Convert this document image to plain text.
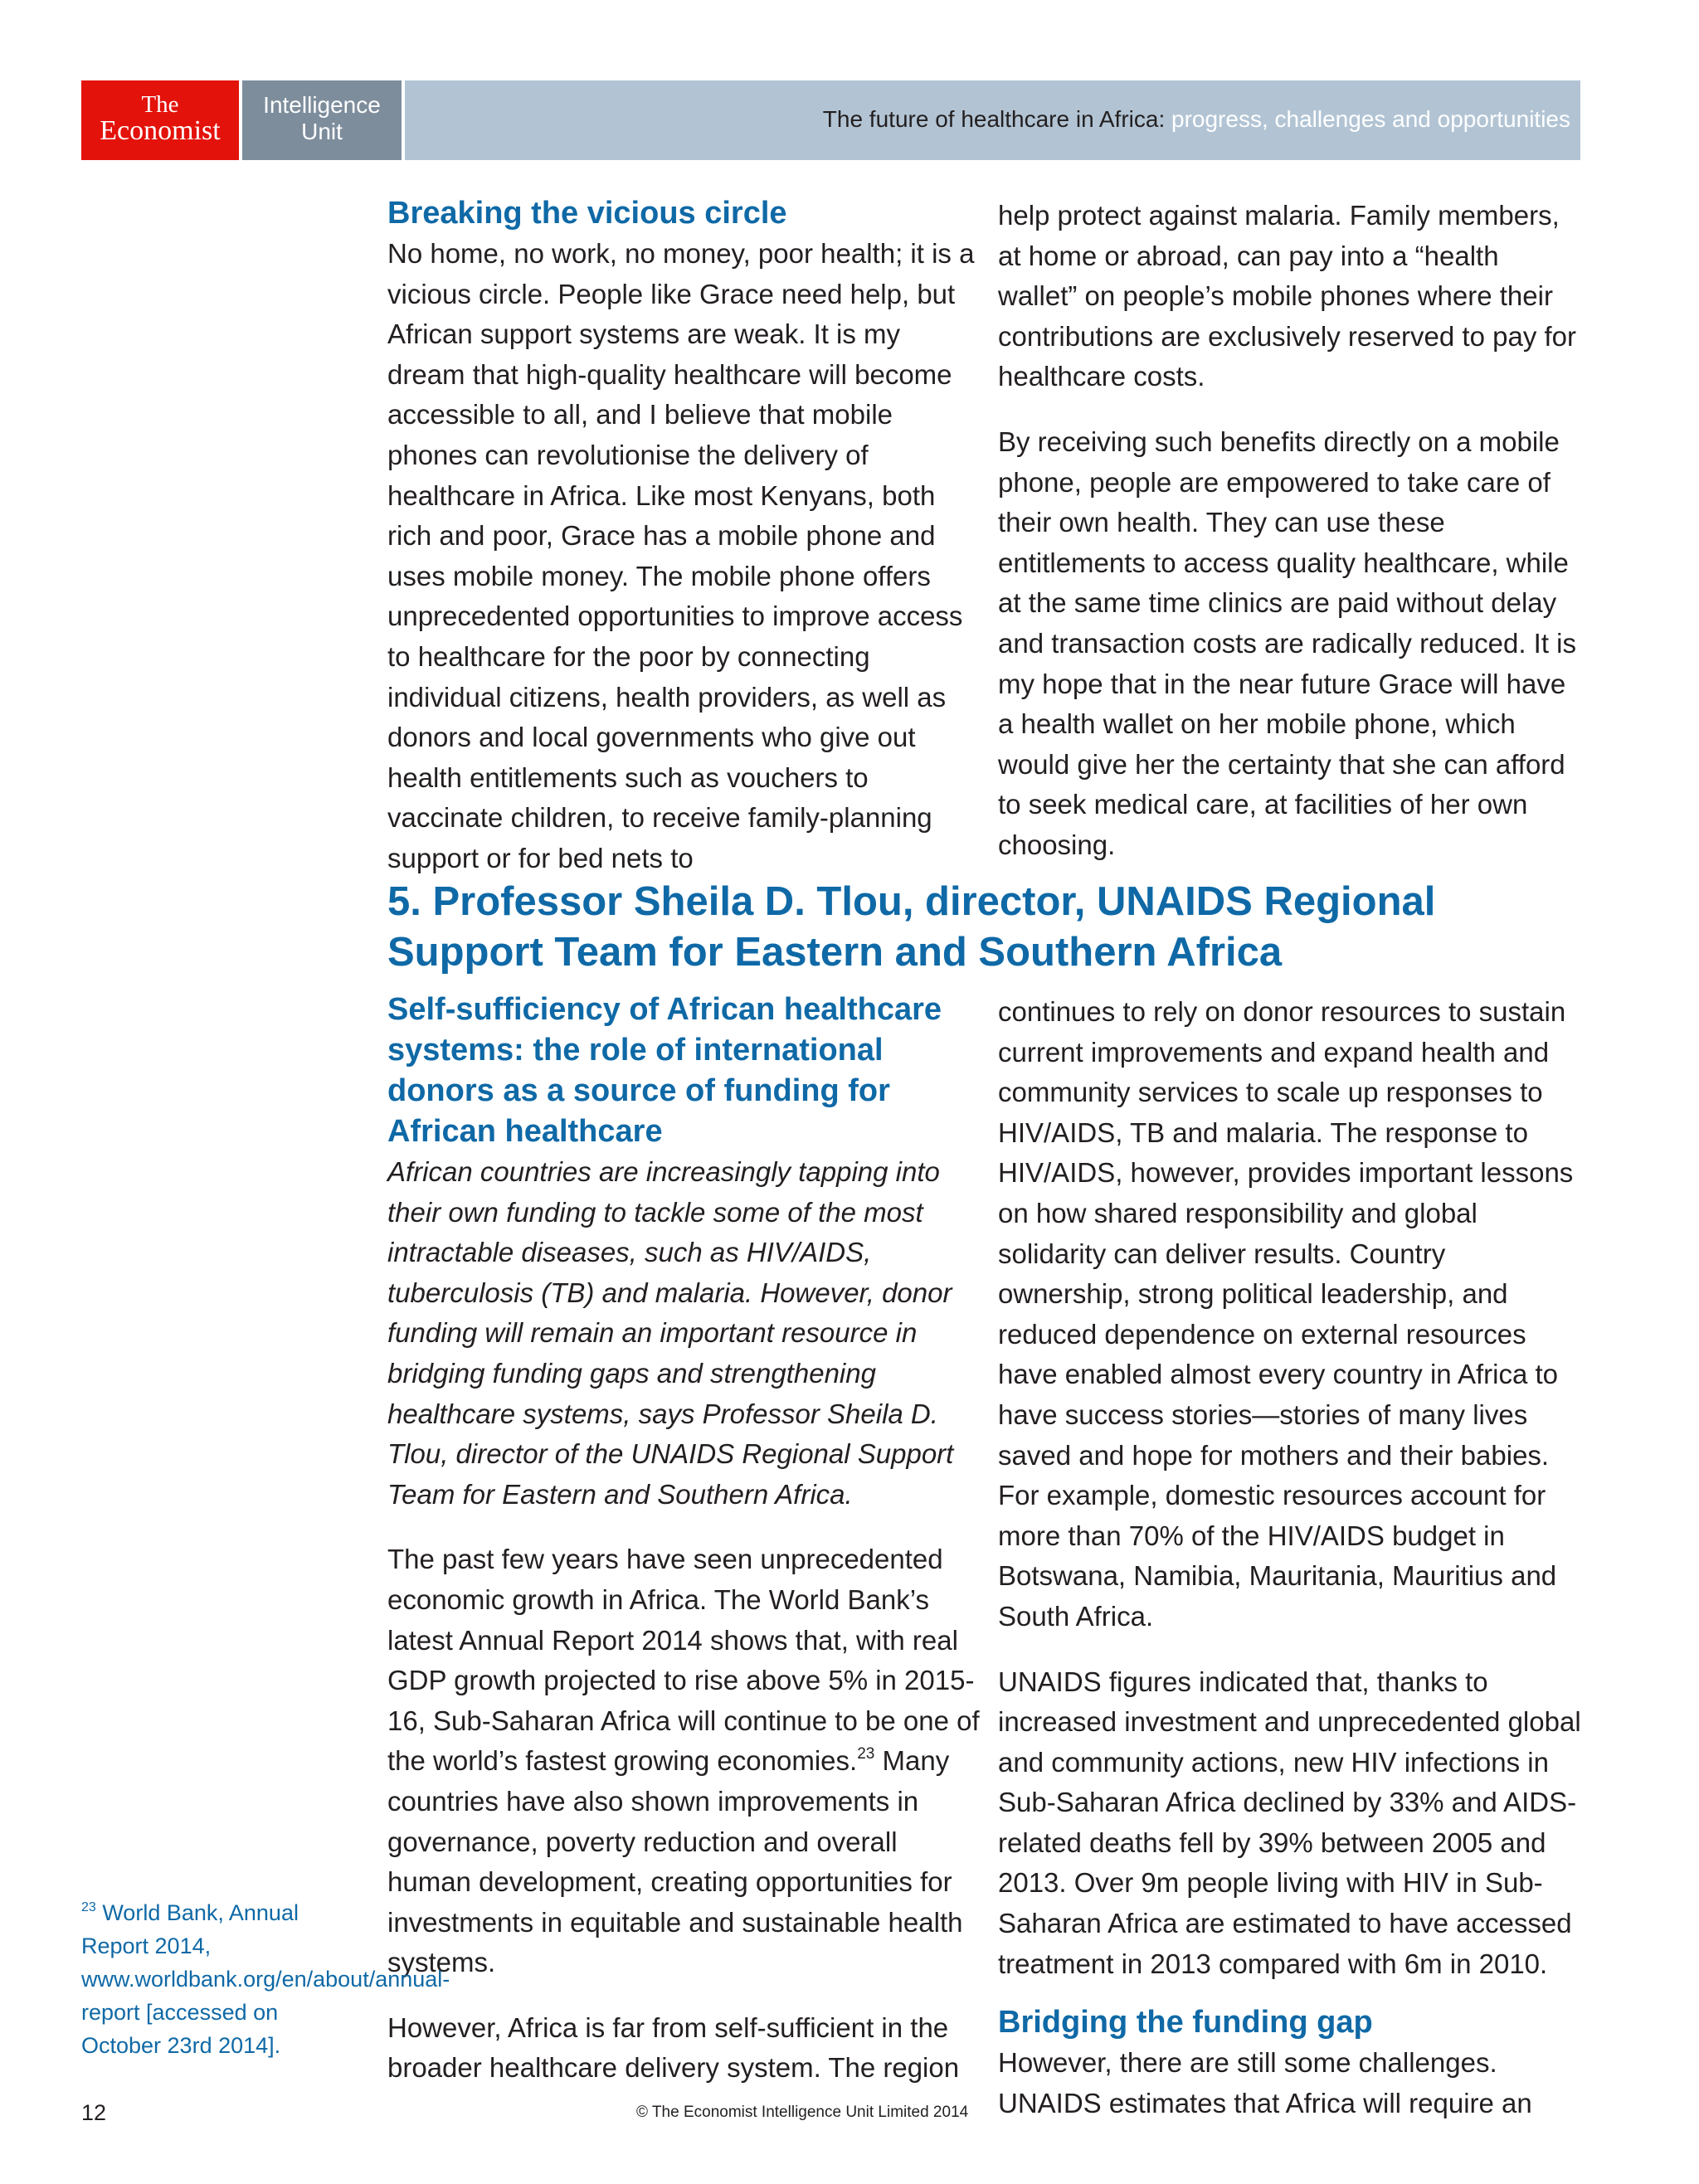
The
Economist
Intelligence
Unit	The future of healthcare in Africa: progress, challenges and opportunities
Breaking the vicious circle

No home, no work, no money, poor health; it is a vicious circle. People like Grace need help, but African support systems are weak. It is my dream that high-quality healthcare will become accessible to all, and I believe that mobile phones can revolutionise the delivery of healthcare in Africa. Like most Kenyans, both rich and poor, Grace has a mobile phone and uses mobile money. The mobile phone offers unprecedented opportunities to improve access to healthcare for the poor by connecting individual citizens, health providers, as well as donors and local governments who give out health entitlements such as vouchers to vaccinate children, to receive family-planning support or for bed nets to

help protect against malaria. Family members, at home or abroad, can pay into a “health wallet” on people’s mobile phones where their contributions are exclusively reserved to pay for healthcare costs.

By receiving such benefits directly on a mobile phone, people are empowered to take care of their own health. They can use these entitlements to access quality healthcare, while at the same time clinics are paid without delay and transaction costs are radically reduced. It is my hope that in the near future Grace will have a health wallet on her mobile phone, which would give her the certainty that she can afford to seek medical care, at facilities of her own choosing.

5. Professor Sheila D. Tlou, director, UNAIDS Regional Support Team for Eastern and Southern Africa
Self-sufficiency of African healthcare systems: the role of international donors as a source of funding for African healthcare

African countries are increasingly tapping into their own funding to tackle some of the most intractable diseases, such as HIV/AIDS, tuberculosis (TB) and malaria. However, donor funding will remain an important resource in bridging funding gaps and strengthening healthcare systems, says Professor Sheila D. Tlou, director of the UNAIDS Regional Support Team for Eastern and Southern Africa.

The past few years have seen unprecedented economic growth in Africa. The World Bank’s latest Annual Report 2014 shows that, with real GDP growth projected to rise above 5% in 2015-16, Sub-Saharan Africa will continue to be one of the world’s fastest growing economies.$^{23}$ Many countries have also shown improvements in governance, poverty reduction and overall human development, creating opportunities for investments in equitable and sustainable health systems.

However, Africa is far from self-sufficient in the broader healthcare delivery system. The region

continues to rely on donor resources to sustain current improvements and expand health and community services to scale up responses to HIV/AIDS, TB and malaria. The response to HIV/AIDS, however, provides important lessons on how shared responsibility and global solidarity can deliver results. Country ownership, strong political leadership, and reduced dependence on external resources have enabled almost every country in Africa to have success stories—stories of many lives saved and hope for mothers and their babies. For example, domestic resources account for more than 70% of the HIV/AIDS budget in Botswana, Namibia, Mauritania, Mauritius and South Africa.

UNAIDS figures indicated that, thanks to increased investment and unprecedented global and community actions, new HIV infections in Sub-Saharan Africa declined by 33% and AIDS-related deaths fell by 39% between 2005 and 2013. Over 9m people living with HIV in Sub-Saharan Africa are estimated to have accessed treatment in 2013 compared with 6m in 2010.

Bridging the funding gap

However, there are still some challenges. UNAIDS estimates that Africa will require an

$^{23}$ World Bank, Annual Report 2014, www.worldbank.org/en/about/annual-report [accessed on October 23rd 2014].
12	© The Economist Intelligence Unit Limited 2014
